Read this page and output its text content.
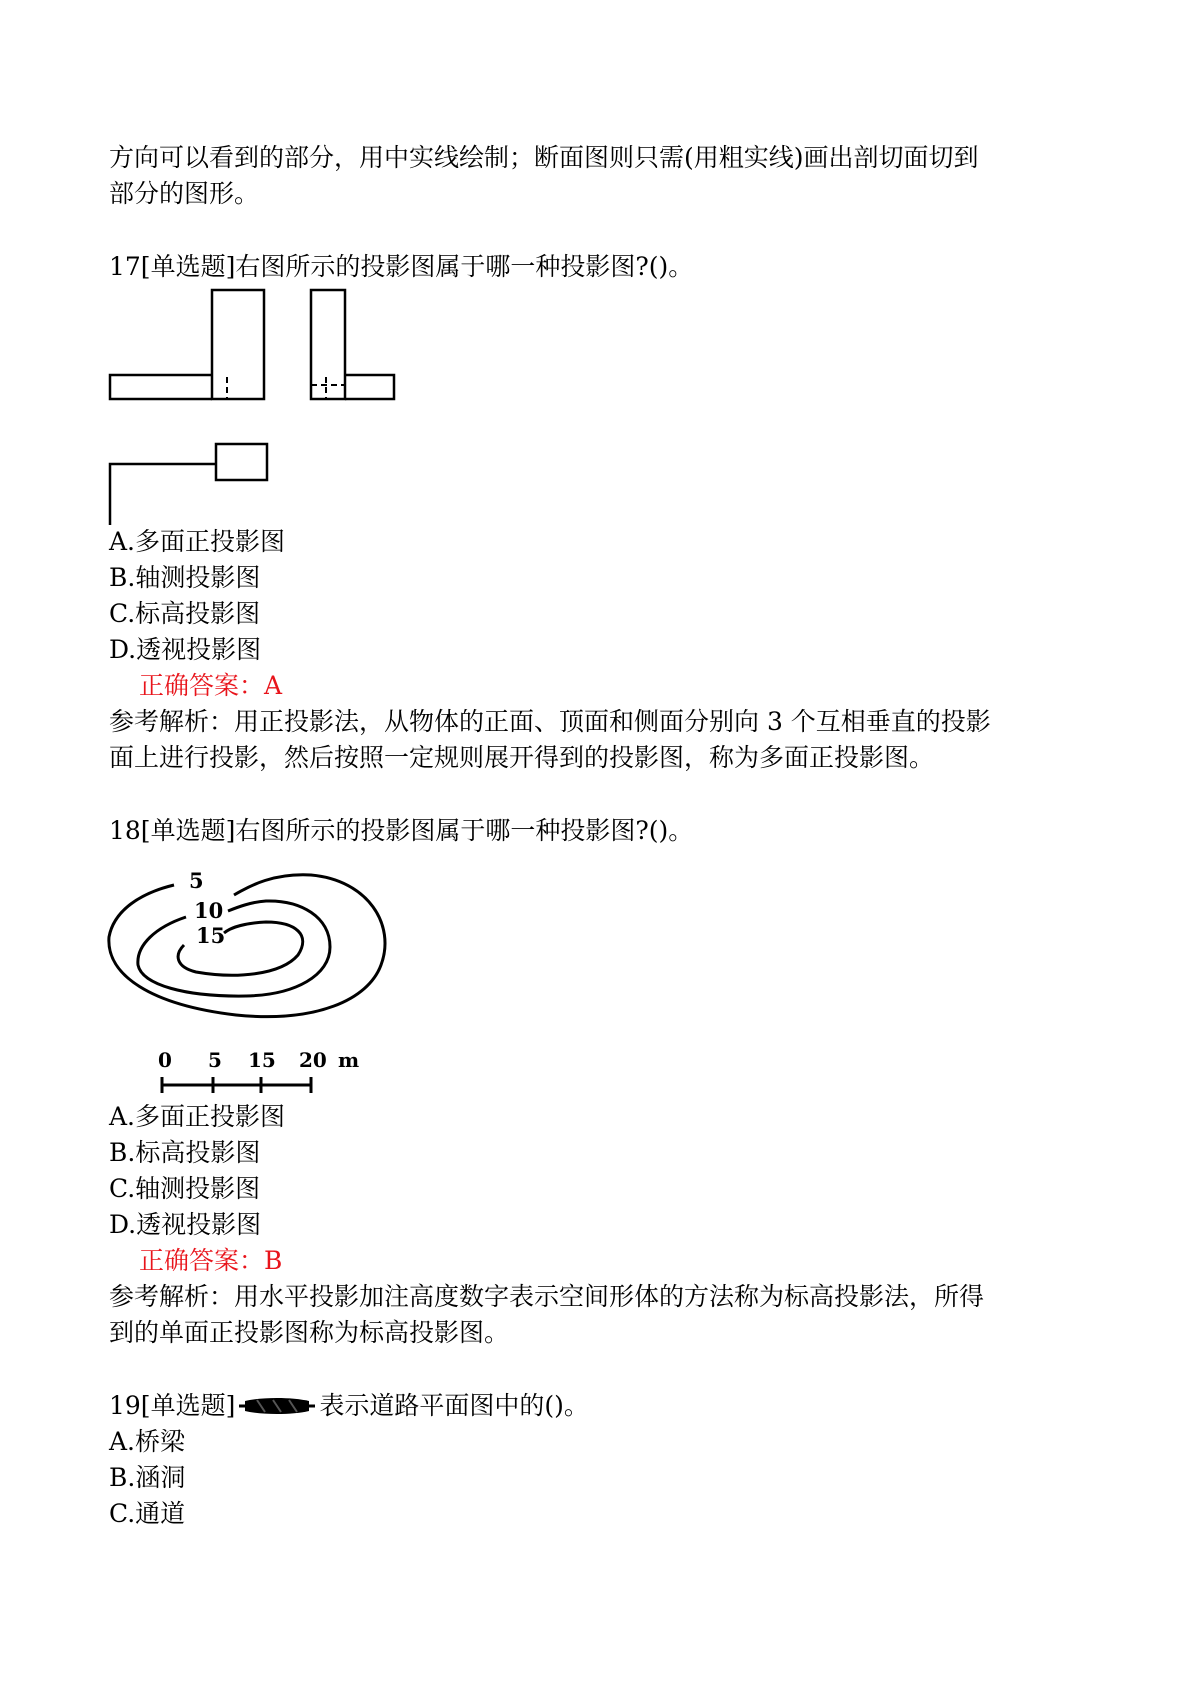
方向可以看到的部分，用中实线绘制；断面图则只需(用粗实线)画出剖切面切到
部分的图形。
17[单选题]右图所示的投影图属于哪一种投影图?()。
A.多面正投影图
B.轴测投影图
C.标高投影图
D.透视投影图
正确答案：A
参考解析：用正投影法，从物体的正面、顶面和侧面分别向 3 个互相垂直的投影
面上进行投影，然后按照一定规则展开得到的投影图，称为多面正投影图。
18[单选题]右图所示的投影图属于哪一种投影图?()。
5
10
15
0 5 15 20 m
A.多面正投影图
B.标高投影图
C.轴测投影图
D.透视投影图
正确答案：B
参考解析：用水平投影加注高度数字表示空间形体的方法称为标高投影法，所得
到的单面正投影图称为标高投影图。
19[单选题]	表示道路平面图中的()。
A.桥梁
B.涵洞
C.通道
